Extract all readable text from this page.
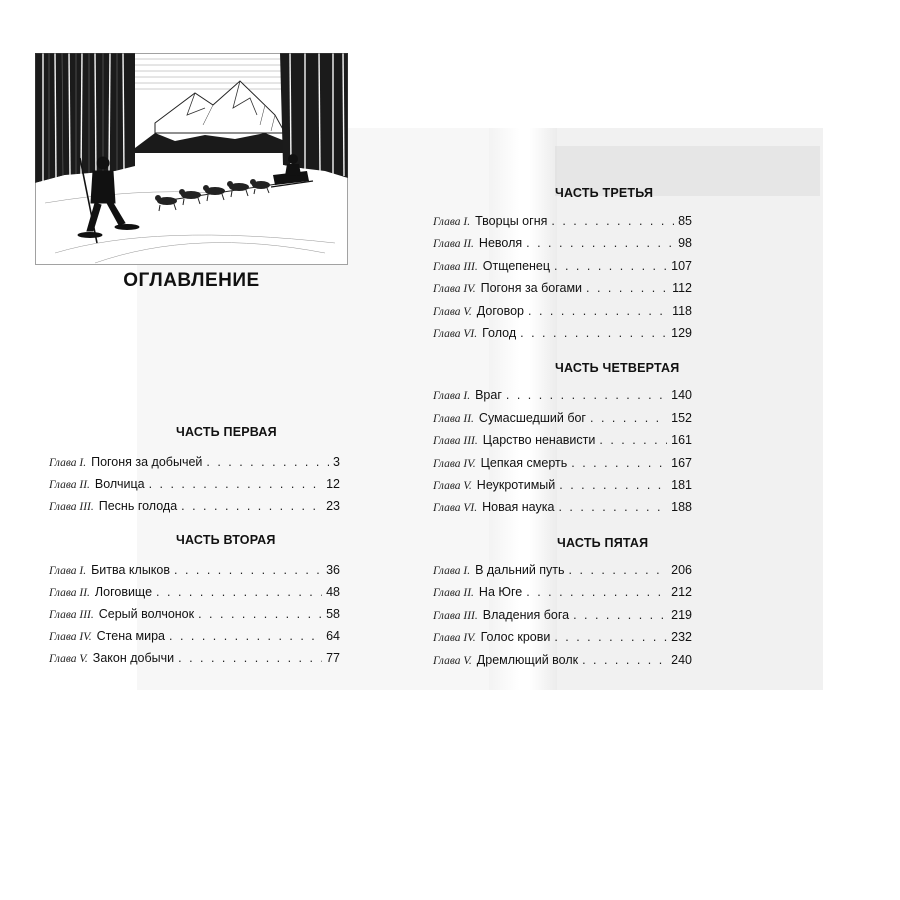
ОГЛАВЛЕНИЕ
ЧАСТЬ ПЕРВАЯ
Глава I. Погоня за добычей . . .	3
Глава II. Волчица . . .	12
Глава III. Песнь голода . . .	23
ЧАСТЬ ВТОРАЯ
Глава I. Битва клыков . . .	36
Глава II. Логовище . . .	48
Глава III. Серый волчонок . . .	58
Глава IV. Стена мира . . .	64
Глава V. Закон добычи . . .	77
ЧАСТЬ ТРЕТЬЯ
Глава I. Творцы огня . . .	85
Глава II. Неволя . . .	98
Глава III. Отщепенец . . .	107
Глава IV. Погоня за богами . . .	112
Глава V. Договор . . .	118
Глава VI. Голод . . .	129
ЧАСТЬ ЧЕТВЕРТАЯ
Глава I. Враг . . .	140
Глава II. Сумасшедший бог . . .	152
Глава III. Царство ненависти . . .	161
Глава IV. Цепкая смерть . . .	167
Глава V. Неукротимый . . .	181
Глава VI. Новая наука . . .	188
ЧАСТЬ ПЯТАЯ
Глава I. В дальний путь . . .	206
Глава II. На Юге . . .	212
Глава III. Владения бога . . .	219
Глава IV. Голос крови . . .	232
Глава V. Дремлющий волк . . .	240
